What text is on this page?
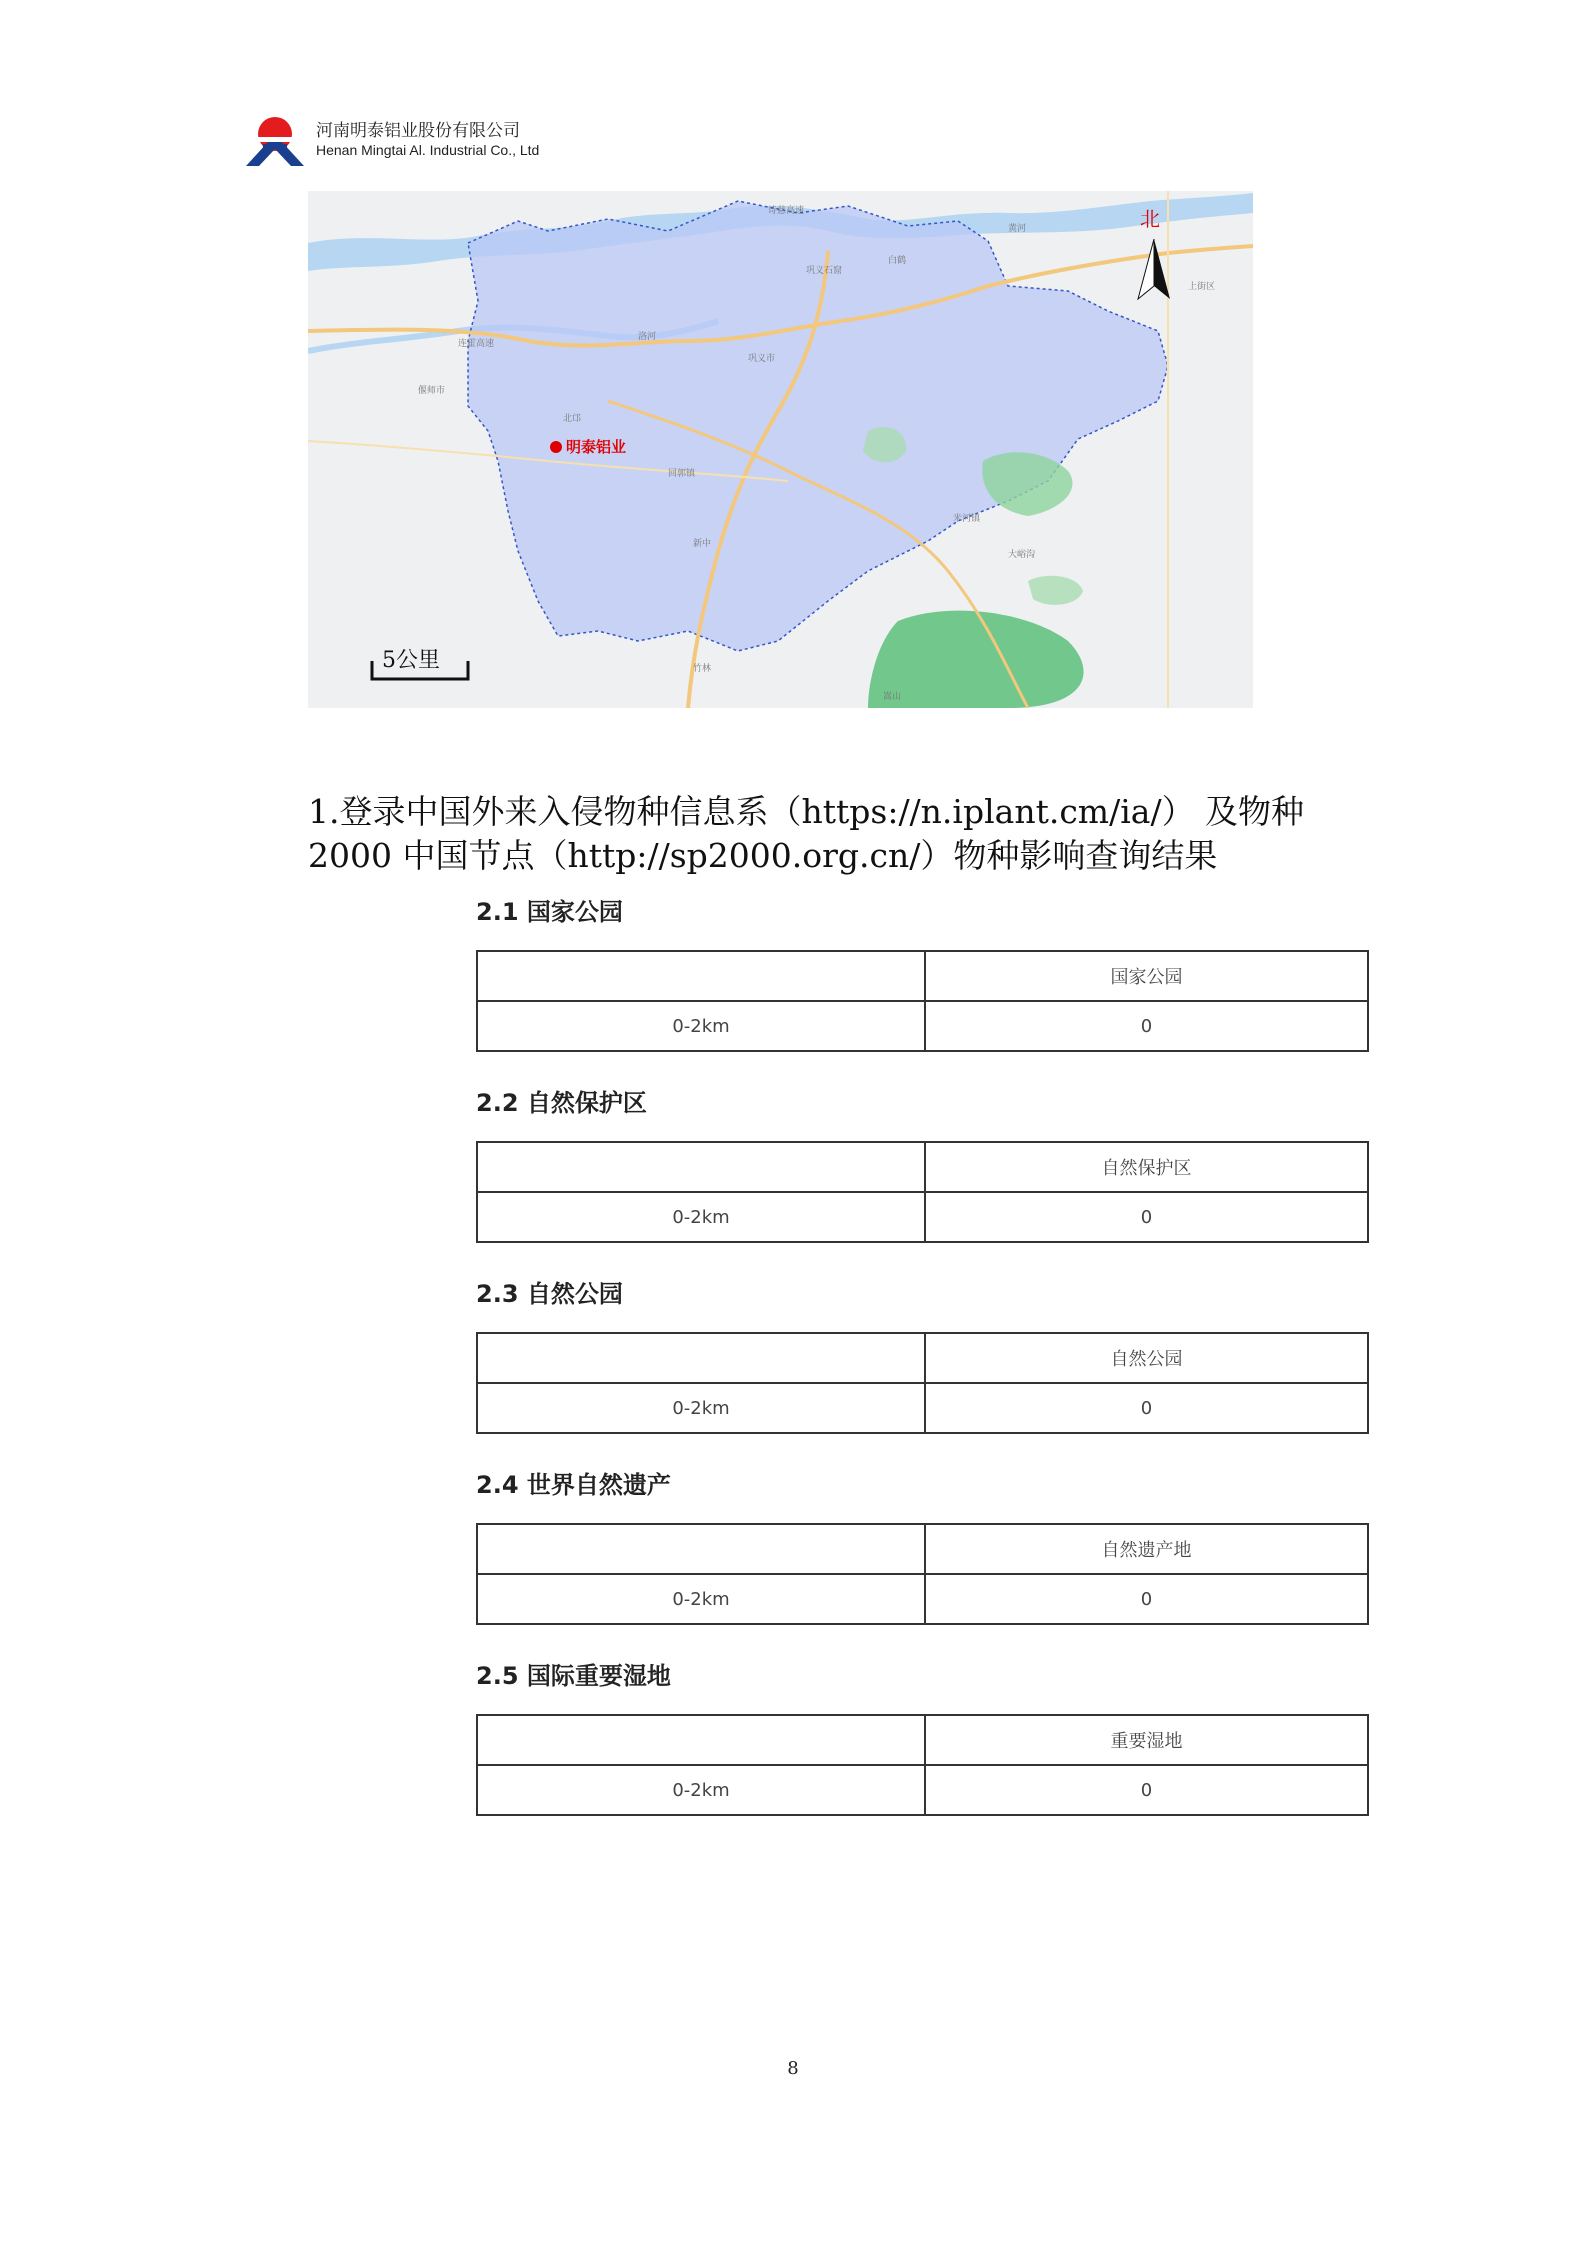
河南明泰铝业股份有限公司
Henan Mingtai Al. Industrial Co., Ltd
诗慈高速
巩义市
连霍高速
偃师市
上街区
白鹤
巩义石窟
洛河
北邙
回郭镇
米河镇
新中
大峪沟
竹林
嵩山
黄河
明泰铝业
北
5公里
1.登录中国外来入侵物种信息系（https://n.iplant.cm/ia/） 及物种
2000 中国节点（http://sp2000.org.cn/）物种影响查询结果
2.1 国家公园
	国家公园
0-2km	0
2.2 自然保护区
	自然保护区
0-2km	0
2.3 自然公园
	自然公园
0-2km	0
2.4 世界自然遗产
	自然遗产地
0-2km	0
2.5 国际重要湿地
	重要湿地
0-2km	0
8
